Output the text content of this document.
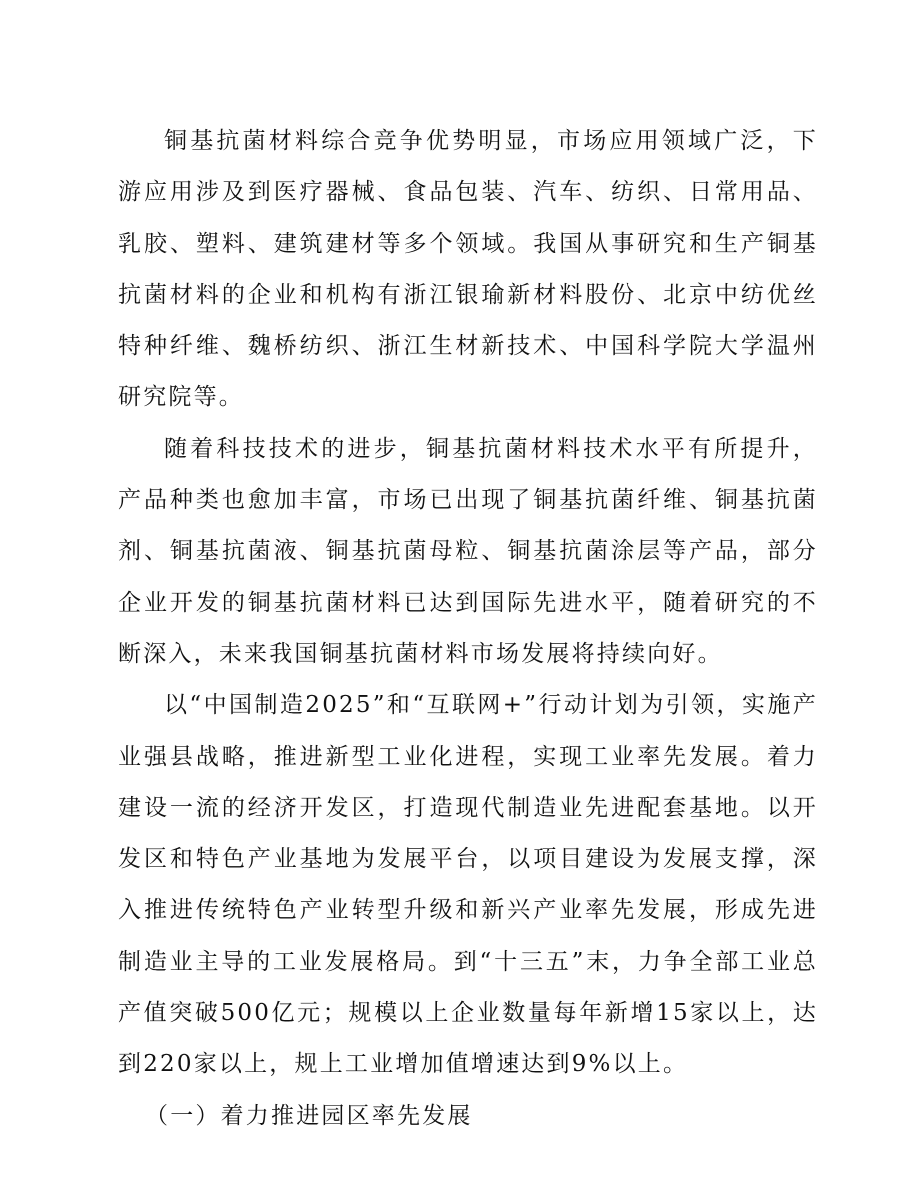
铜基抗菌材料综合竞争优势明显，市场应用领域广泛，下游应用涉及到医疗器械、食品包装、汽车、纺织、日常用品、乳胶、塑料、建筑建材等多个领域。我国从事研究和生产铜基抗菌材料的企业和机构有浙江银瑜新材料股份、北京中纺优丝特种纤维、魏桥纺织、浙江生材新技术、中国科学院大学温州研究院等。

随着科技技术的进步，铜基抗菌材料技术水平有所提升，产品种类也愈加丰富，市场已出现了铜基抗菌纤维、铜基抗菌剂、铜基抗菌液、铜基抗菌母粒、铜基抗菌涂层等产品，部分企业开发的铜基抗菌材料已达到国际先进水平，随着研究的不断深入，未来我国铜基抗菌材料市场发展将持续向好。

以“中国制造2025”和“互联网+”行动计划为引领，实施产业强县战略，推进新型工业化进程，实现工业率先发展。着力建设一流的经济开发区，打造现代制造业先进配套基地。以开发区和特色产业基地为发展平台，以项目建设为发展支撑，深入推进传统特色产业转型升级和新兴产业率先发展，形成先进制造业主导的工业发展格局。到“十三五”末，力争全部工业总产值突破500亿元；规模以上企业数量每年新增15家以上，达到220家以上，规上工业增加值增速达到9%以上。

（一）着力推进园区率先发展
